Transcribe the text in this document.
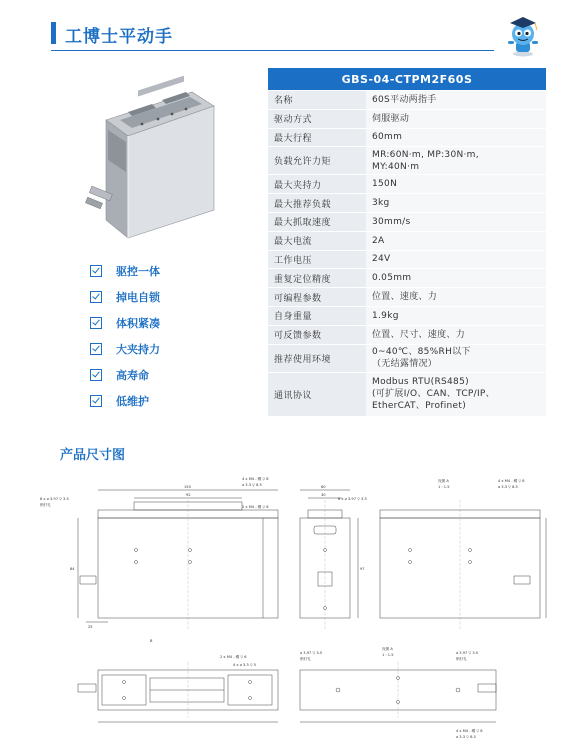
工博士平动手
驱控一体
掉电自锁
体积紧凑
大夹持力
高寿命
低维护
GBS-04-CTPM2F60S	
名称	60S平动两指手
驱动方式	伺服驱动
最大行程	60mm
负载允许力矩	MR:60N·m, MP:30N·m,
MY:40N·m

最大夹持力	150N
最大推荐负载	3kg
最大抓取速度	30mm/s
最大电流	2A
工作电压	24V
重复定位精度	0.05mm
可编程参数	位置、速度、力
自身重量	1.9kg
可反馈参数	位置、尺寸、速度、力
推荐使用环境	0~40℃、85%RH以下
（无结露情况）

通讯协议	Modbus RTU(RS485)
(可扩展I/O、CAN、TCP/IP、
EtherCAT、Profinet)
产品尺寸图
150
92
60
30
84	97
25
8 x ⌀ 3.97 ▽ 3.5
销钉孔
4 x M4 - 螺 ▽ 8
⌀ 3.3 ▽ 8.5
2 x M4 - 螺 ▽ 6
8 x ⌀ 3.97 ▽ 3.5
视图 A
1 : 1.5
4 x M4 - 螺 ▽ 8
⌀ 3.3 ▽ 8.5
B
2 x M4 - 螺 ▽ 6
4 x ⌀ 3.3 ▽ 5
⌀ 3.97 ▽ 3.5
销钉孔
视图 A
1 : 1.5	⌀ 3.97 ▽ 3.5
销钉孔
4 x M4 - 螺 ▽ 6
⌀ 3.3 ▽ 8.5
